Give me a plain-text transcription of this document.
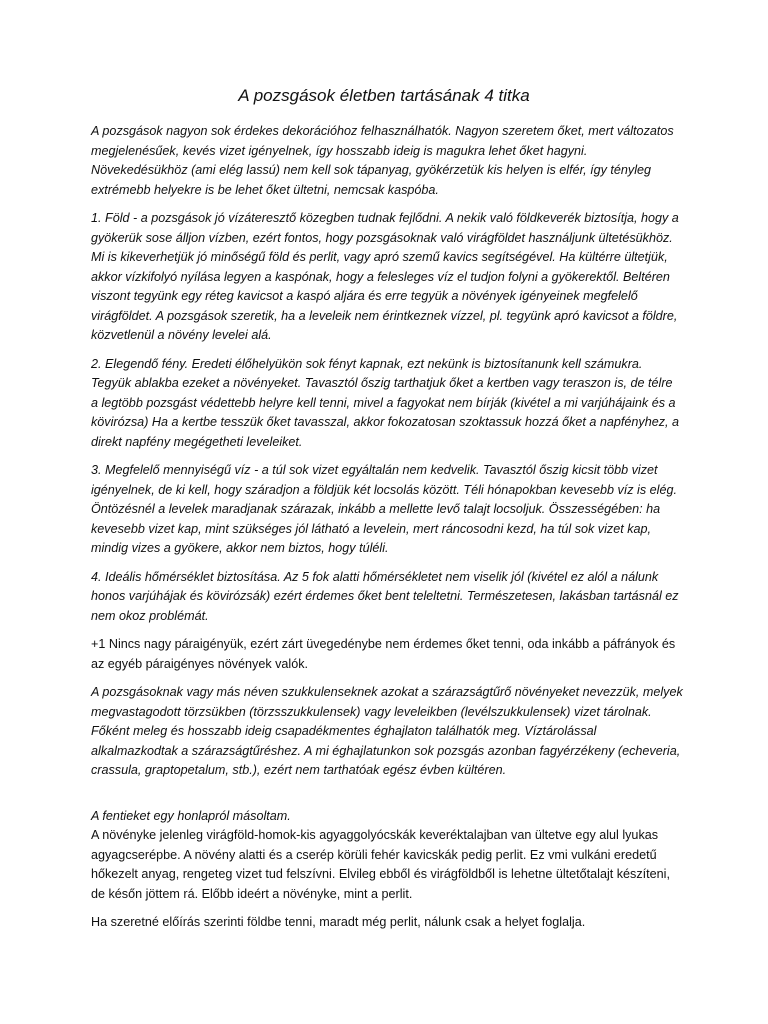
A pozsgások életben tartásának 4 titka

A pozsgások nagyon sok érdekes dekorációhoz felhasználhatók. Nagyon szeretem őket, mert változatos megjelenésűek, kevés vizet igényelnek, így hosszabb ideig is magukra lehet őket hagyni. Növekedésükhöz (ami elég lassú) nem kell sok tápanyag, gyökérzetük kis helyen is elfér, így tényleg extrémebb helyekre is be lehet őket ültetni, nemcsak kaspóba.

1. Föld - a pozsgások jó vízáteresztő közegben tudnak fejlődni. A nekik való földkeverék biztosítja, hogy a gyökerük sose álljon vízben, ezért fontos, hogy pozsgásoknak való virágföldet használjunk ültetésükhöz. Mi is kikeverhetjük jó minőségű föld és perlit, vagy apró szemű kavics segítségével. Ha kültérre ültetjük, akkor vízkifolyó nyílása legyen a kaspónak, hogy a felesleges víz el tudjon folyni a gyökerektől. Beltéren viszont tegyünk egy réteg kavicsot a kaspó aljára és erre tegyük a növények igényeinek megfelelő virágföldet. A pozsgások szeretik, ha a leveleik nem érintkeznek vízzel, pl. tegyünk apró kavicsot a földre, közvetlenül a növény levelei alá.

2. Elegendő fény. Eredeti élőhelyükön sok fényt kapnak, ezt nekünk is biztosítanunk kell számukra. Tegyük ablakba ezeket a növényeket. Tavasztól őszig tarthatjuk őket a kertben vagy teraszon is, de télre a legtöbb pozsgást védettebb helyre kell tenni, mivel a fagyokat nem bírják (kivétel a mi varjúhájaink és a kövirózsa) Ha a kertbe tesszük őket tavasszal, akkor fokozatosan szoktassuk hozzá őket a napfényhez, a direkt napfény megégetheti leveleiket.

3. Megfelelő mennyiségű víz - a túl sok vizet egyáltalán nem kedvelik. Tavasztól őszig kicsit több vizet igényelnek, de ki kell, hogy száradjon a földjük két locsolás között. Téli hónapokban kevesebb víz is elég. Öntözésnél a levelek maradjanak szárazak, inkább a mellette levő talajt locsoljuk. Összességében: ha kevesebb vizet kap, mint szükséges jól látható a levelein, mert ráncosodni kezd, ha túl sok vizet kap, mindig vizes a gyökere, akkor nem biztos, hogy túléli.

4. Ideális hőmérséklet biztosítása. Az 5 fok alatti hőmérsékletet nem viselik jól (kivétel ez alól a nálunk honos varjúhájak és kövirózsák) ezért érdemes őket bent teleltetni. Természetesen, lakásban tartásnál ez nem okoz problémát.

+1 Nincs nagy páraigényük, ezért zárt üvegedénybe nem érdemes őket tenni, oda inkább a páfrányok és az egyéb páraigényes növények valók.

A pozsgásoknak vagy más néven szukkulenseknek azokat a szárazságtűrő növényeket nevezzük, melyek megvastagodott törzsükben (törzsszukkulensek) vagy leveleikben (levélszukkulensek) vizet tárolnak. Főként meleg és hosszabb ideig csapadékmentes éghajlaton találhatók meg. Víztárolással alkalmazkodtak a szárazságtűréshez. A mi éghajlatunkon sok pozsgás azonban fagyérzékeny (echeveria, crassula, graptopetalum, stb.), ezért nem tarthatóak egész évben kültéren.

A fentieket egy honlapról másoltam.

A növényke jelenleg virágföld-homok-kis agyaggolyócskák keveréktalajban van ültetve egy alul lyukas agyagcserépbe. A növény alatti és a cserép körüli fehér kavicskák pedig perlit. Ez vmi vulkáni eredetű hőkezelt anyag, rengeteg vizet tud felszívni. Elvileg ebből és virágföldből is lehetne ültetőtalajt készíteni, de későn jöttem rá. Előbb ideért a növényke, mint a perlit.

Ha szeretné előírás szerinti földbe tenni, maradt még perlit, nálunk csak a helyet foglalja.
